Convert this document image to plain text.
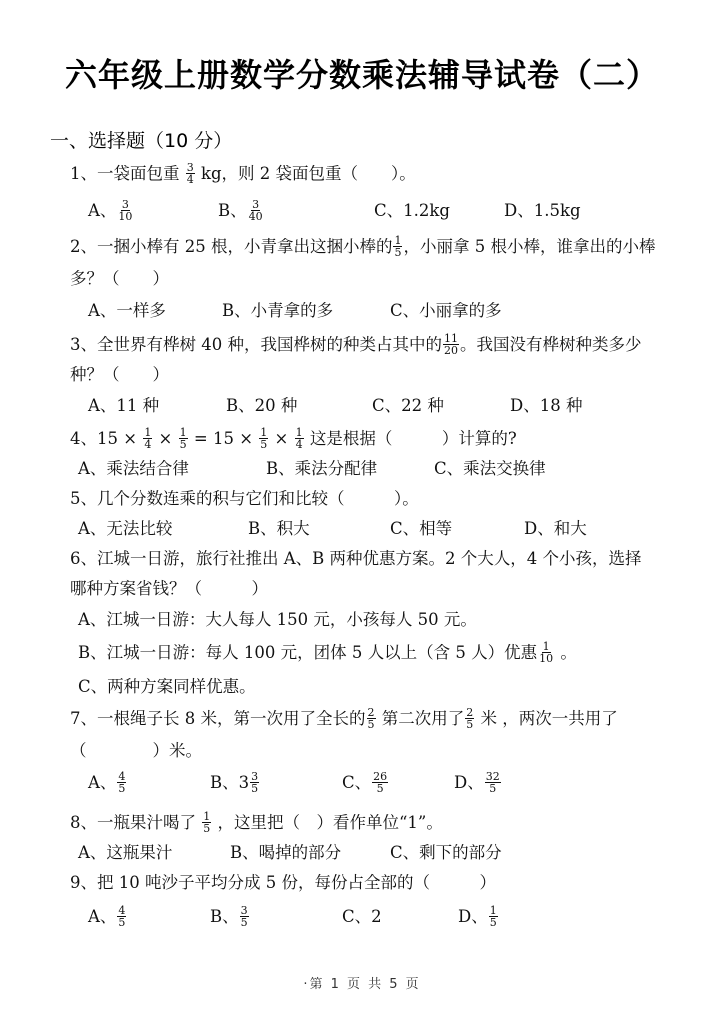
六年级上册数学分数乘法辅导试卷（二）
一、选择题（10 分）
1、一袋面包重 $\frac{3}{4}$ kg，则 2 袋面包重（　　）。
A、 $\frac{3}{10}$	B、 $\frac{3}{40}$	C、1.2kg	D、1.5kg
2、一捆小棒有 25 根，小青拿出这捆小棒的 $\frac{1}{5}$ ，小丽拿 5 根小棒，谁拿出的小棒
多？（　　）
A、一样多	B、小青拿的多	C、小丽拿的多
3、全世界有桦树 40 种，我国桦树的种类占其中的 $\frac{11}{20}$ 。我国没有桦树种类多少
种？（　　）
A、11 种	B、20 种	C、22 种	D、18 种
4、$15 \times \frac{1}{4} \times \frac{1}{5} = 15 \times \frac{1}{5} \times \frac{1}{4}$ 这是根据（　　　）计算的?
A、乘法结合律	B、乘法分配律	C、乘法交换律
5、几个分数连乘的积与它们和比较（　　　）。
A、无法比较	B、积大	C、相等	D、和大
6、江城一日游，旅行社推出 A、B 两种优惠方案。2 个大人，4 个小孩，选择
哪种方案省钱？（　　　）
A、江城一日游：大人每人 150 元，小孩每人 50 元。
B、江城一日游：每人 100 元，团体 5 人以上（含 5 人）优惠 $\frac{1}{10}$ 。
C、两种方案同样优惠。
7、一根绳子长 8 米，第一次用了全长的 $\frac{2}{5}$ 第二次用了 $\frac{2}{5}$ 米 ，两次一共用了
（　　　　）米。
A、 $\frac{4}{5}$	B、$3 \frac{3}{5}$	C、 $\frac{26}{5}$	D、 $\frac{32}{5}$
8、一瓶果汁喝了 $\frac{1}{5}$ ，这里把（　）看作单位“1”。
A、这瓶果汁	B、喝掉的部分	C、剩下的部分
9、把 10 吨沙子平均分成 5 份，每份占全部的（　　　）
A、 $\frac{4}{5}$	B、 $\frac{3}{5}$	C、2	D、 $\frac{1}{5}$
·第 1 页 共 5 页
